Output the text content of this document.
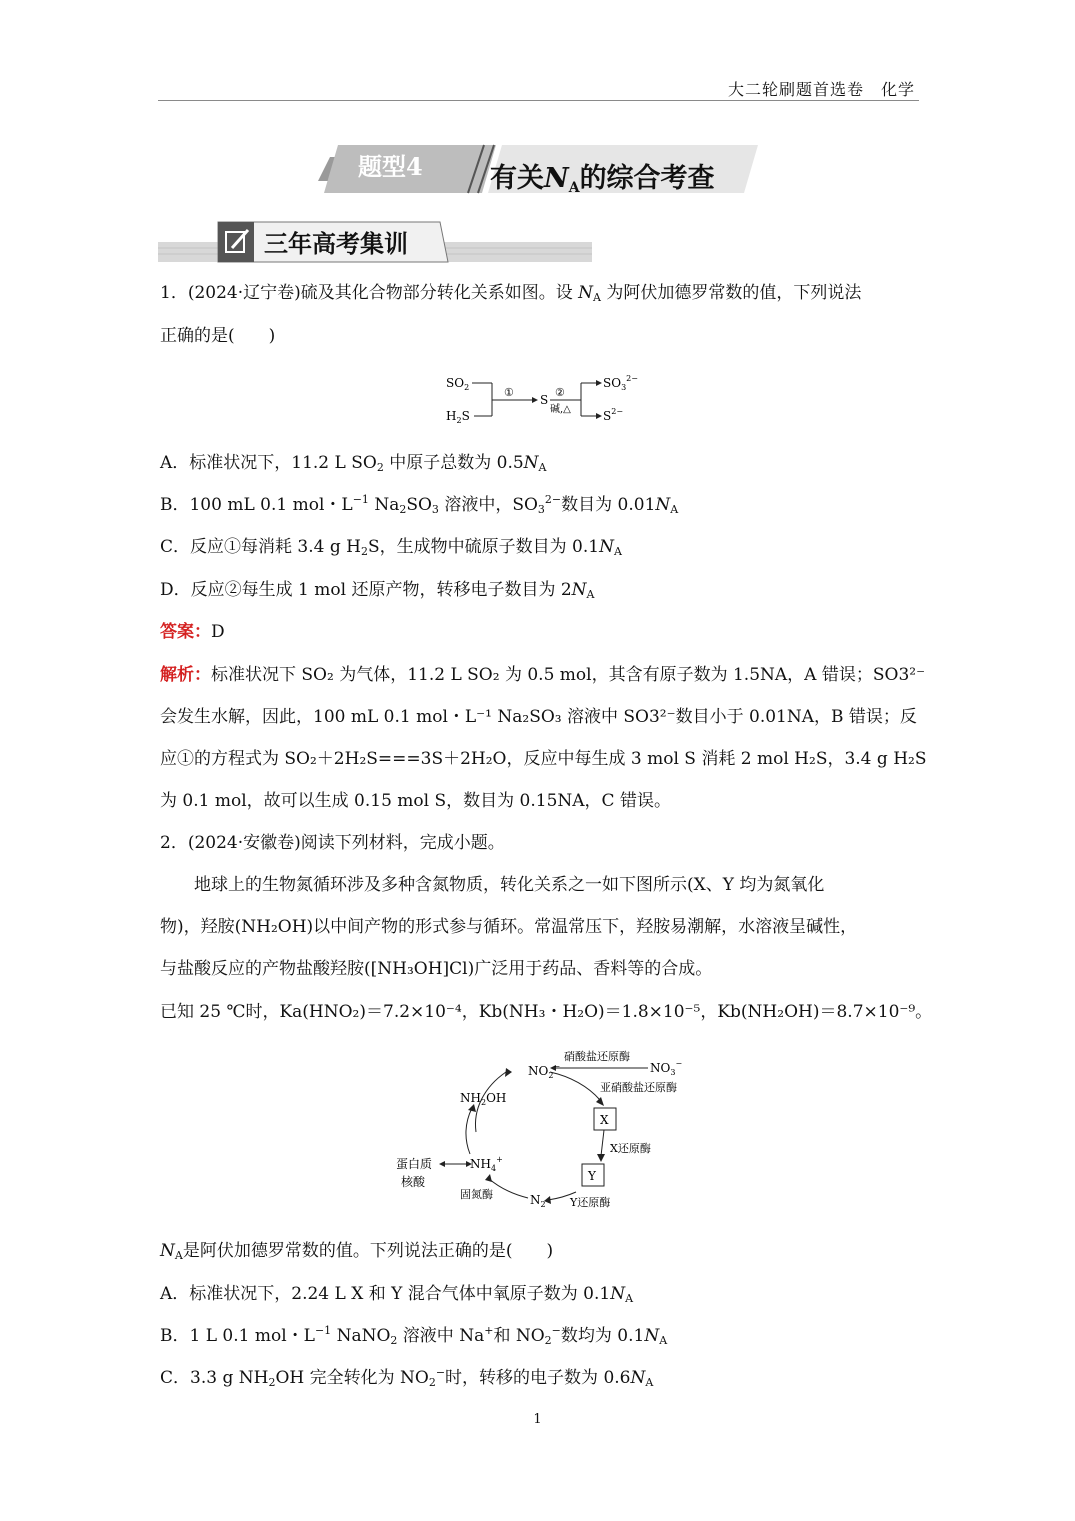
大二轮刷题首选卷　化学
题型4 有关NA的综合考查
三年高考集训
1．(2024·辽宁卷)硫及其化合物部分转化关系如图。设 $N_A$ 为阿伏加德罗常数的值，下列说法
正确的是(　　)
$SO_2$
$H_2S$
①
S
②
碱,△
$SO_3^{2-}$
$S^{2-}$
A．标准状况下，11.2 L $SO_2$ 中原子总数为 $0.5N_A$
B．100 mL 0.1 mol・$L^{-1}$ $Na_2SO_3$ 溶液中，$SO_3^{2-}$数目为 $0.01N_A$
C．反应①每消耗 3.4 g $H_2S$，生成物中硫原子数目为 $0.1N_A$
D．反应②每生成 1 mol 还原产物，转移电子数目为 $2N_A$
答案：D
解析：标准状况下 SO₂ 为气体，11.2 L SO₂ 为 0.5 mol，其含有原子数为 1.5NA，A 错误；SO3²⁻
会发生水解，因此，100 mL 0.1 mol・L⁻¹ Na₂SO₃ 溶液中 SO3²⁻数目小于 0.01NA，B 错误；反
应①的方程式为 SO₂＋2H₂S===3S＋2H₂O，反应中每生成 3 mol S 消耗 2 mol H₂S，3.4 g H₂S
为 0.1 mol，故可以生成 0.15 mol S，数目为 0.15NA，C 错误。
2．(2024·安徽卷)阅读下列材料，完成小题。
地球上的生物氮循环涉及多种含氮物质，转化关系之一如下图所示(X、Y 均为氮氧化
物)，羟胺(NH₂OH)以中间产物的形式参与循环。常温常压下，羟胺易潮解，水溶液呈碱性，
与盐酸反应的产物盐酸羟胺([NH₃OH]Cl)广泛用于药品、香料等的合成。
已知 25 ℃时，Ka(HNO₂)＝7.2×10⁻⁴，Kb(NH₃・H₂O)＝1.8×10⁻⁵，Kb(NH₂OH)＝8.7×10⁻⁹。
X
Y
$NO_2^-$	$NO_3^-$
$NH_2OH$
$NH_4^+$
$N_2$
硝酸盐还原酶
亚硝酸盐还原酶
X还原酶
Y还原酶
固氮酶
蛋白质
核酸
$N_A$是阿伏加德罗常数的值。下列说法正确的是(　　)
A．标准状况下，2.24 L X 和 Y 混合气体中氧原子数为 $0.1N_A$
B．1 L 0.1 mol・$L^{-1}$ NaNO$_2$ 溶液中 Na+和 $NO_2^-$数均为 $0.1N_A$
C．3.3 g $NH_2OH$ 完全转化为 $NO_2^-$时，转移的电子数为 $0.6N_A$
1
